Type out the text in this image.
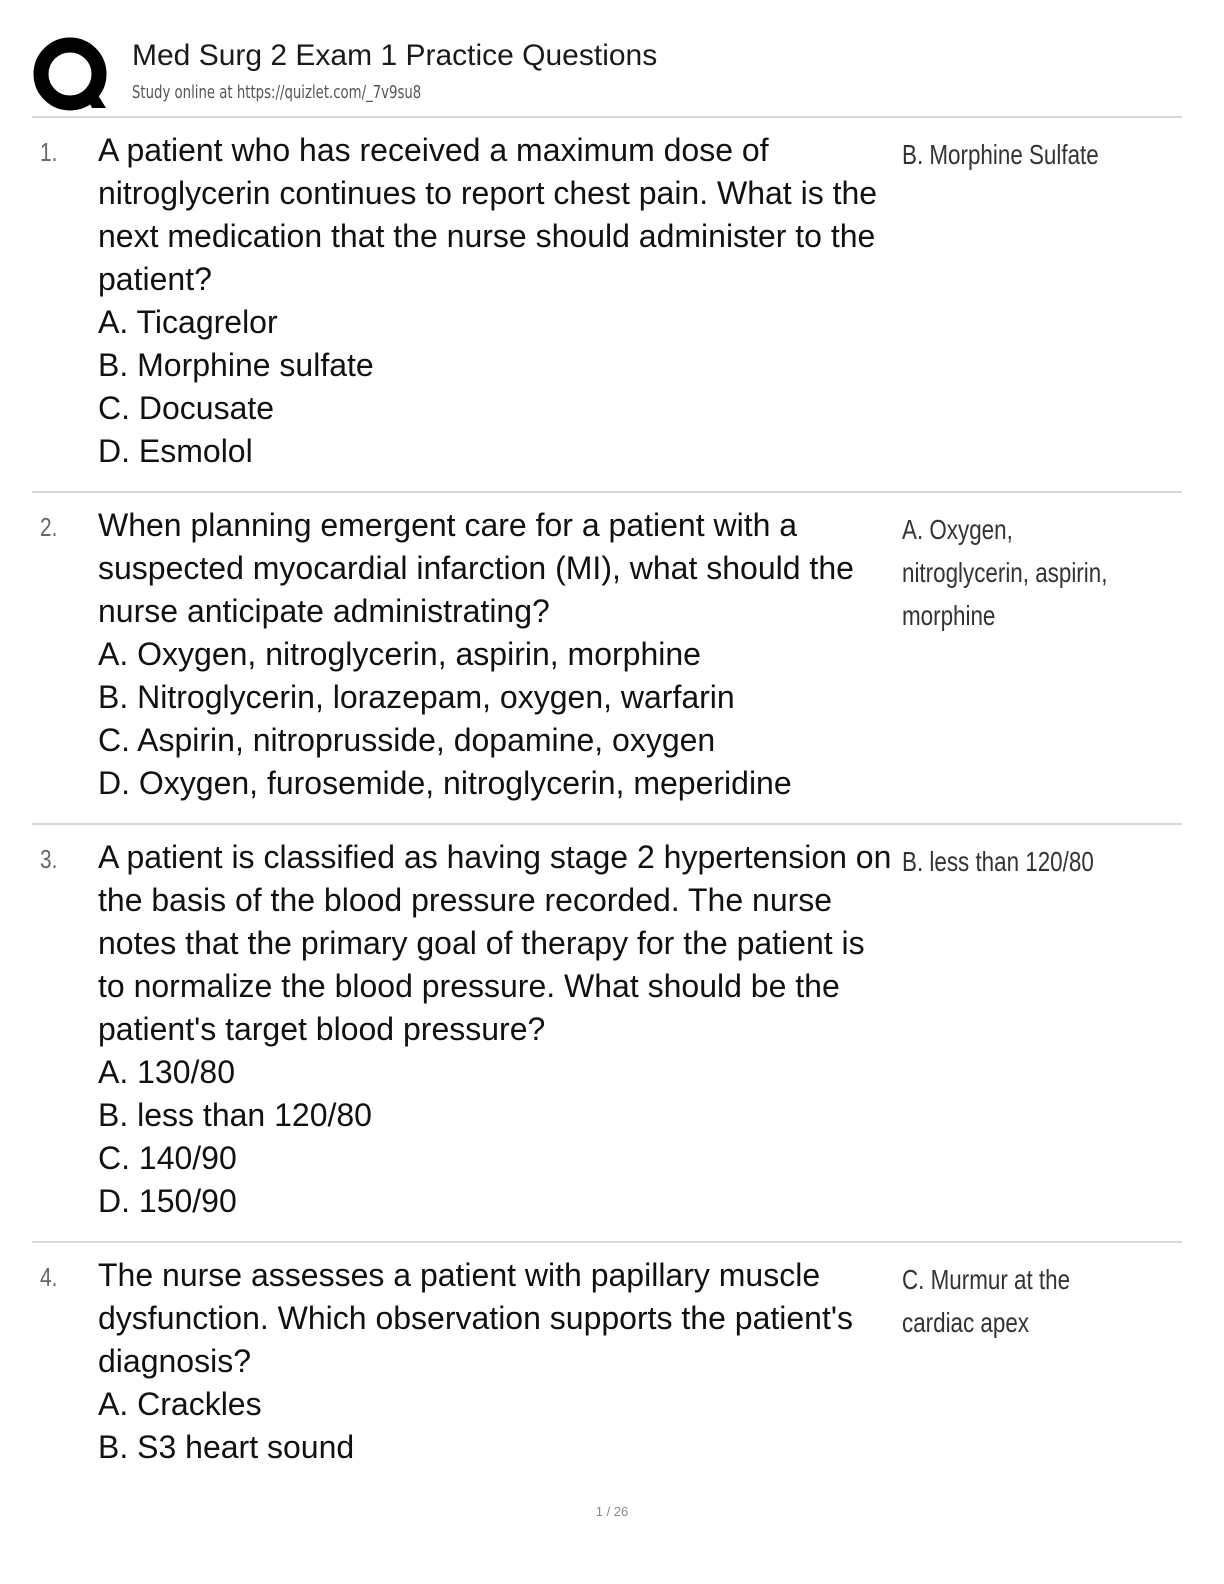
Med Surg 2 Exam 1 Practice Questions
Study online at https://quizlet.com/_7v9su8
1. A patient who has received a maximum dose of nitroglycerin continues to report chest pain. What is the next medication that the nurse should administer to the patient?

A. Ticagrelor

B. Morphine sulfate

C. Docusate

D. Esmolol

B. Morphine Sulfate
2. When planning emergent care for a patient with a suspected myocardial infarction (MI), what should the nurse anticipate administrating?

A. Oxygen, nitroglycerin, aspirin, morphine

B. Nitroglycerin, lorazepam, oxygen, warfarin

C. Aspirin, nitroprusside, dopamine, oxygen

D. Oxygen, furosemide, nitroglycerin, meperidine

A. Oxygen, nitroglycerin, aspirin, morphine
3. A patient is classified as having stage 2 hypertension on the basis of the blood pressure recorded. The nurse notes that the primary goal of therapy for the patient is to normalize the blood pressure. What should be the patient's target blood pressure?

A. 130/80

B. less than 120/80

C. 140/90

D. 150/90

B. less than 120/80
4. The nurse assesses a patient with papillary muscle dysfunction. Which observation supports the patient's diagnosis?

A. Crackles

B. S3 heart sound

C. Murmur at the cardiac apex
1 / 26
